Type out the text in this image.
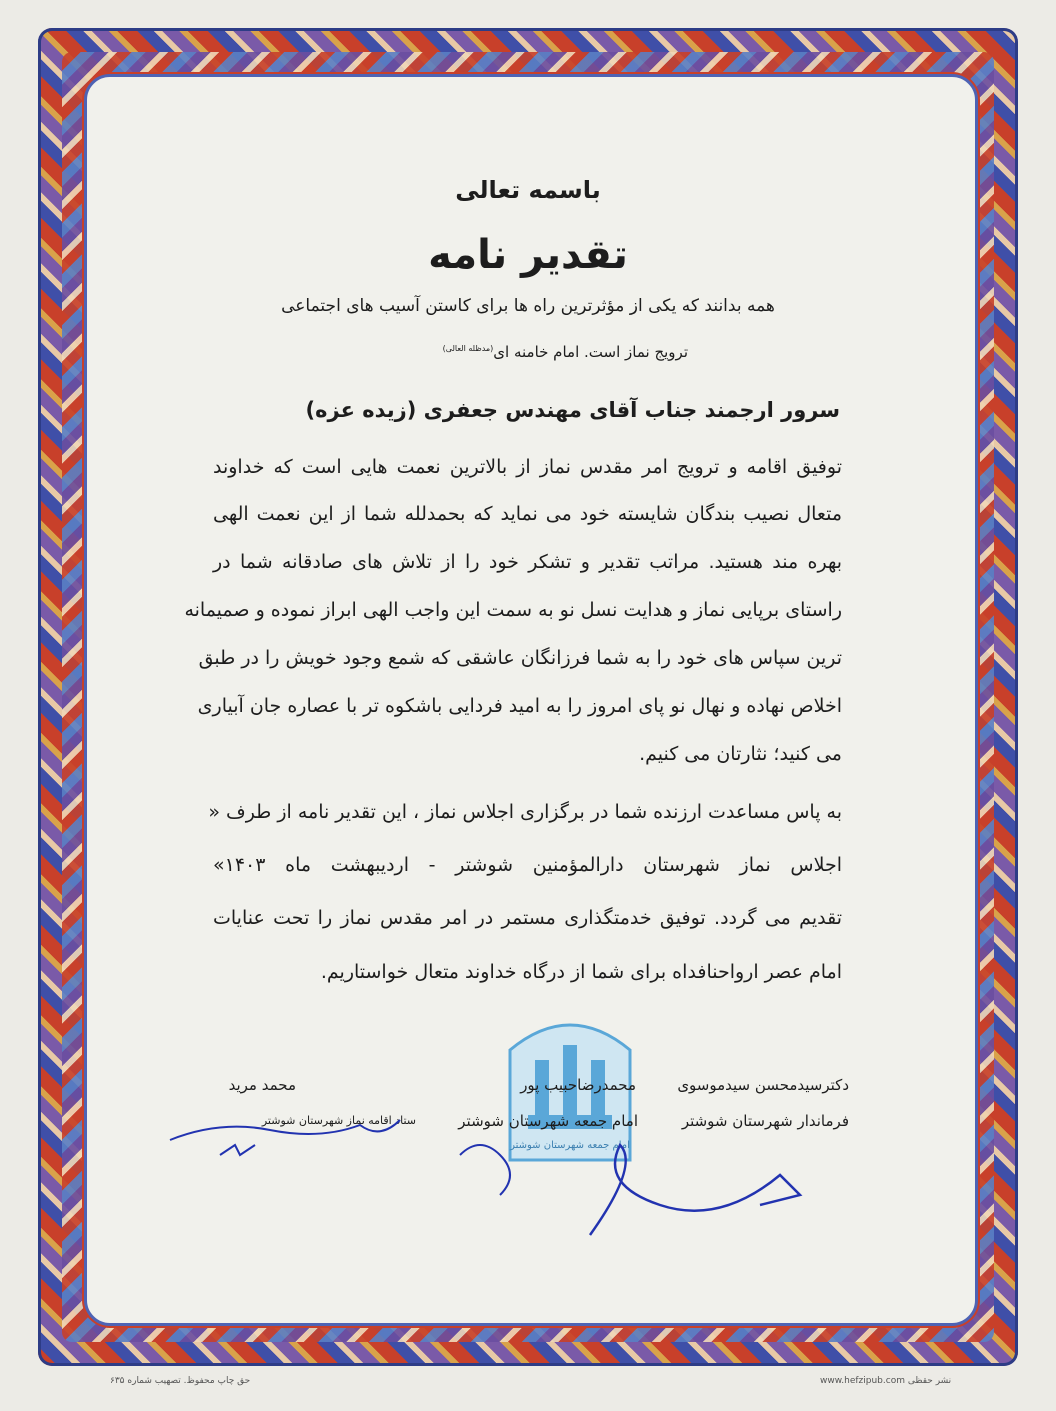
باسمه تعالی
تقدیر نامه
همه بدانند که یکی از مؤثرترین راه ها برای کاستن آسیب های اجتماعی
ترویج نماز است. امام خامنه ای$^{(مدظله العالی)}$
سرور ارجمند جناب آقای مهندس جعفری (زیده عزه)
توفیق اقامه و ترویج امر مقدس نماز از بالاترین نعمت هایی است که خداوند
متعال نصیب بندگان شایسته خود می نماید که بحمدلله شما از این نعمت الهی
بهره مند هستید. مراتب تقدیر و تشکر خود را از تلاش های صادقانه شما در
راستای برپایی نماز و هدایت نسل نو به سمت این واجب الهی ابراز نموده و صمیمانه
ترین سپاس های خود را به شما فرزانگان عاشقی که شمع وجود خویش را در طبق
اخلاص نهاده و نهال نو پای امروز را به امید فردایی باشکوه تر با عصاره جان آبیاری
می کنید؛ نثارتان می کنیم.
به پاس مساعدت ارزنده شما در برگزاری اجلاس نماز ، این تقدیر نامه از طرف «
اجلاس نماز شهرستان دارالمؤمنین شوشتر - اردیبهشت ماه ۱۴۰۳»
تقدیم می گردد. توفیق خدمتگذاری مستمر در امر مقدس نماز را تحت عنایات
امام عصر ارواحنافداه برای شما از درگاه خداوند متعال خواستاریم.
امام جمعه شهرستان شوشتر
دکترسیدمحسن سیدموسوی
فرماندار شهرستان شوشتر
محمدرضاحبیب پور
امام جمعه شهرستان شوشتر
محمد مرید
ستاد اقامه نماز شهرستان شوشتر
www.hefzipub.com نشر حقظی
حق چاپ محفوظ. تصهیب شماره ۶۳۵
